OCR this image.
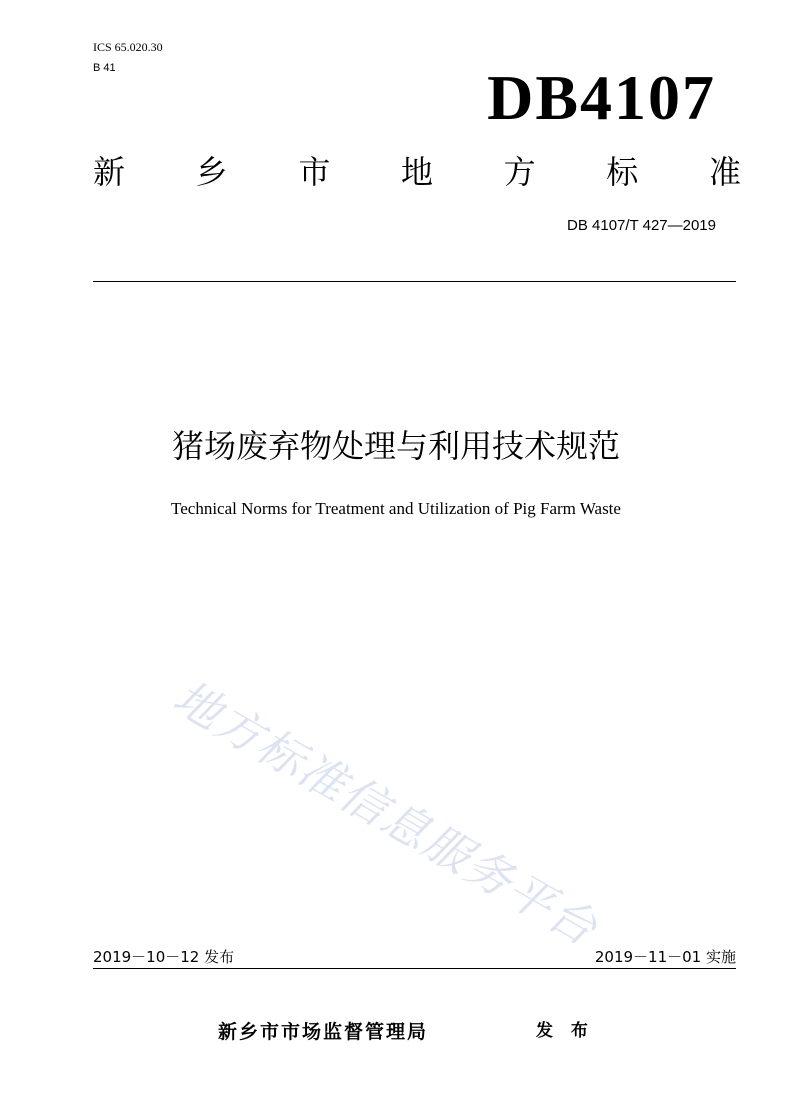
ICS 65.020.30
B 41	DB4107
新 乡 市 地 方 标 准
DB 4107/T 427—2019
猪场废弃物处理与利用技术规范
Technical Norms for Treatment and Utilization of Pig Farm Waste
地方标准信息服务平台
2019－10－12 发布	2019－11－01 实施
新乡市市场监督管理局	发 布
